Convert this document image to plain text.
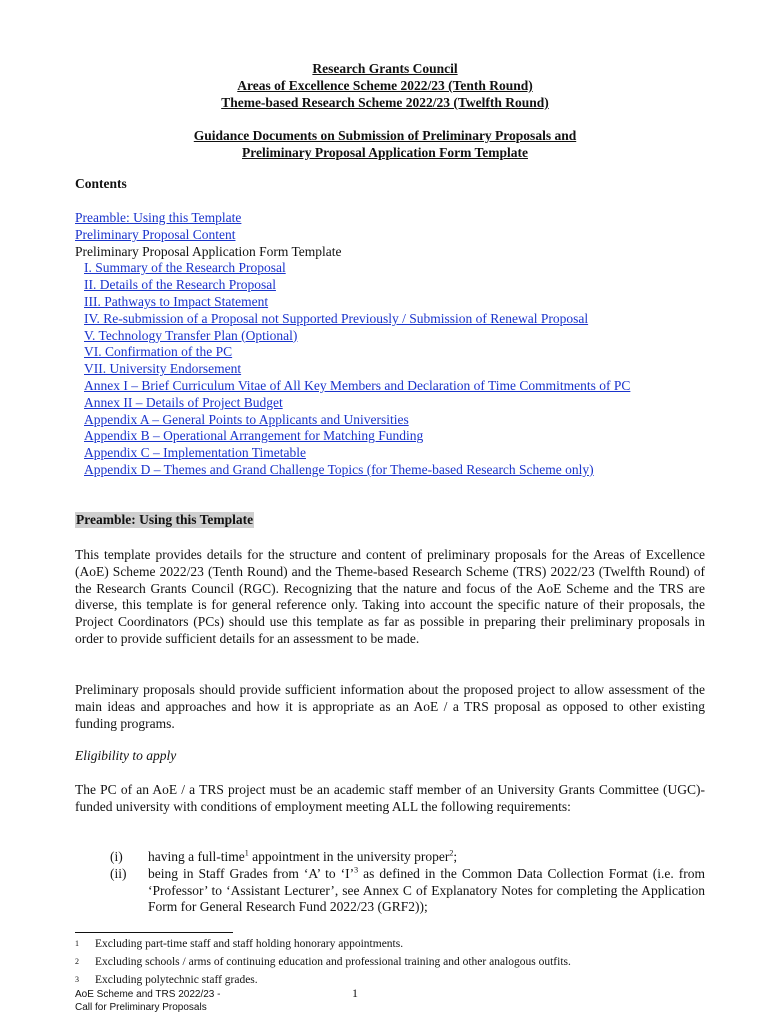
Research Grants Council
Areas of Excellence Scheme 2022/23 (Tenth Round)
Theme-based Research Scheme 2022/23 (Twelfth Round)
Guidance Documents on Submission of Preliminary Proposals and
Preliminary Proposal Application Form Template
Contents
Preamble: Using this Template
Preliminary Proposal Content
Preliminary Proposal Application Form Template
I. Summary of the Research Proposal
II. Details of the Research Proposal
III. Pathways to Impact Statement
IV. Re-submission of a Proposal not Supported Previously / Submission of Renewal Proposal
V. Technology Transfer Plan (Optional)
VI. Confirmation of the PC
VII. University Endorsement
Annex I – Brief Curriculum Vitae of All Key Members and Declaration of Time Commitments of PC
Annex II – Details of Project Budget
Appendix A – General Points to Applicants and Universities
Appendix B – Operational Arrangement for Matching Funding
Appendix C – Implementation Timetable
Appendix D – Themes and Grand Challenge Topics (for Theme-based Research Scheme only)
Preamble: Using this Template
This template provides details for the structure and content of preliminary proposals for the Areas of Excellence (AoE) Scheme 2022/23 (Tenth Round) and the Theme-based Research Scheme (TRS) 2022/23 (Twelfth Round) of the Research Grants Council (RGC). Recognizing that the nature and focus of the AoE Scheme and the TRS are diverse, this template is for general reference only. Taking into account the specific nature of their proposals, the Project Coordinators (PCs) should use this template as far as possible in preparing their preliminary proposals in order to provide sufficient details for an assessment to be made.
Preliminary proposals should provide sufficient information about the proposed project to allow assessment of the main ideas and approaches and how it is appropriate as an AoE / a TRS proposal as opposed to other existing funding programs.
Eligibility to apply
The PC of an AoE / a TRS project must be an academic staff member of an University Grants Committee (UGC)-funded university with conditions of employment meeting ALL the following requirements:
(i)	having a full-time$^1$ appointment in the university proper$^2$;
(ii)	being in Staff Grades from ‘A’ to ‘I’$^3$ as defined in the Common Data Collection Format (i.e. from ‘Professor’ to ‘Assistant Lecturer’, see Annex C of Explanatory Notes for completing the Application Form for General Research Fund 2022/23 (GRF2));
1	Excluding part-time staff and staff holding honorary appointments.
2	Excluding schools / arms of continuing education and professional training and other analogous outfits.
3	Excluding polytechnic staff grades.
AoE Scheme and TRS 2022/23 -
Call for Preliminary Proposals
1
